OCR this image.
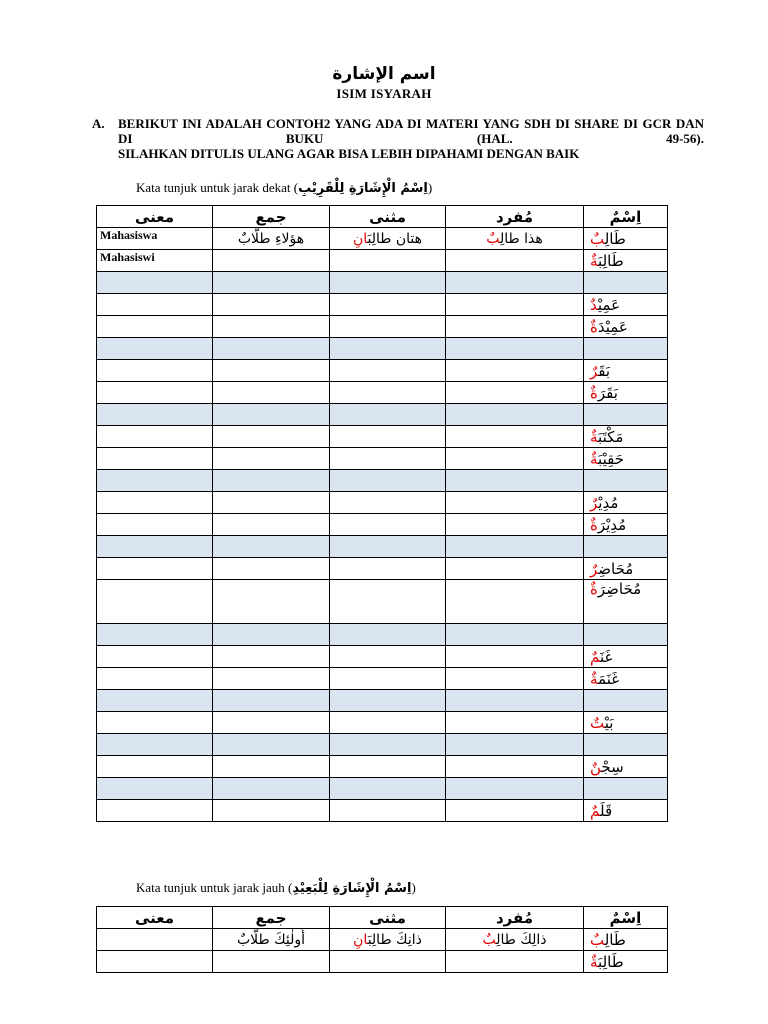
اسم الإشارة
ISIM ISYARAH
A. BERIKUT INI ADALAH CONTOH2 YANG ADA DI MATERI YANG SDH DI SHARE DI GCR DAN DI BUKU (HAL. 49-56).
SILAHKAN DITULIS ULANG AGAR BISA LEBIH DIPAHAMI DENGAN BAIK
Kata tunjuk untuk jarak dekat (اِسْمُ الْإِشَارَةِ لِلْقَرِيْبِ)
معنى	جمع	مثنى	مُفرد	اِسْمٌ
Mahasiswa	هؤلاءِ طلّابٌ	هتان طالِبَانِ	هذا طالِبٌ	طَالِبٌ
Mahasiswi				طَالِبَةٌ

				عَمِيْدٌ
				عَمِيْدَةٌ

				بَقَرٌ
				بَقَرَةٌ

				مَكْتَبَةٌ
				حَقِيْبَةٌ

				مُدِيْرٌ
				مُدِيْرَةٌ

				مُحَاضِرٌ
				مُحَاضِرَةٌ

				غَنَمٌ
				غَنَمَةٌ

				بَيْتٌ

				سِجْنٌ

				قَلَمٌ
Kata tunjuk untuk jarak jauh (اِسْمُ الْإِشَارَةِ لِلْبَعِيْدِ)
معنى	جمع	مثنى	مُفرد	اِسْمٌ
	أُولٰئِكَ طلّابٌ	ذانِكَ طالِبَانِ	ذالِكَ طالِبٌ	طَالِبٌ
				طَالِبَةٌ
